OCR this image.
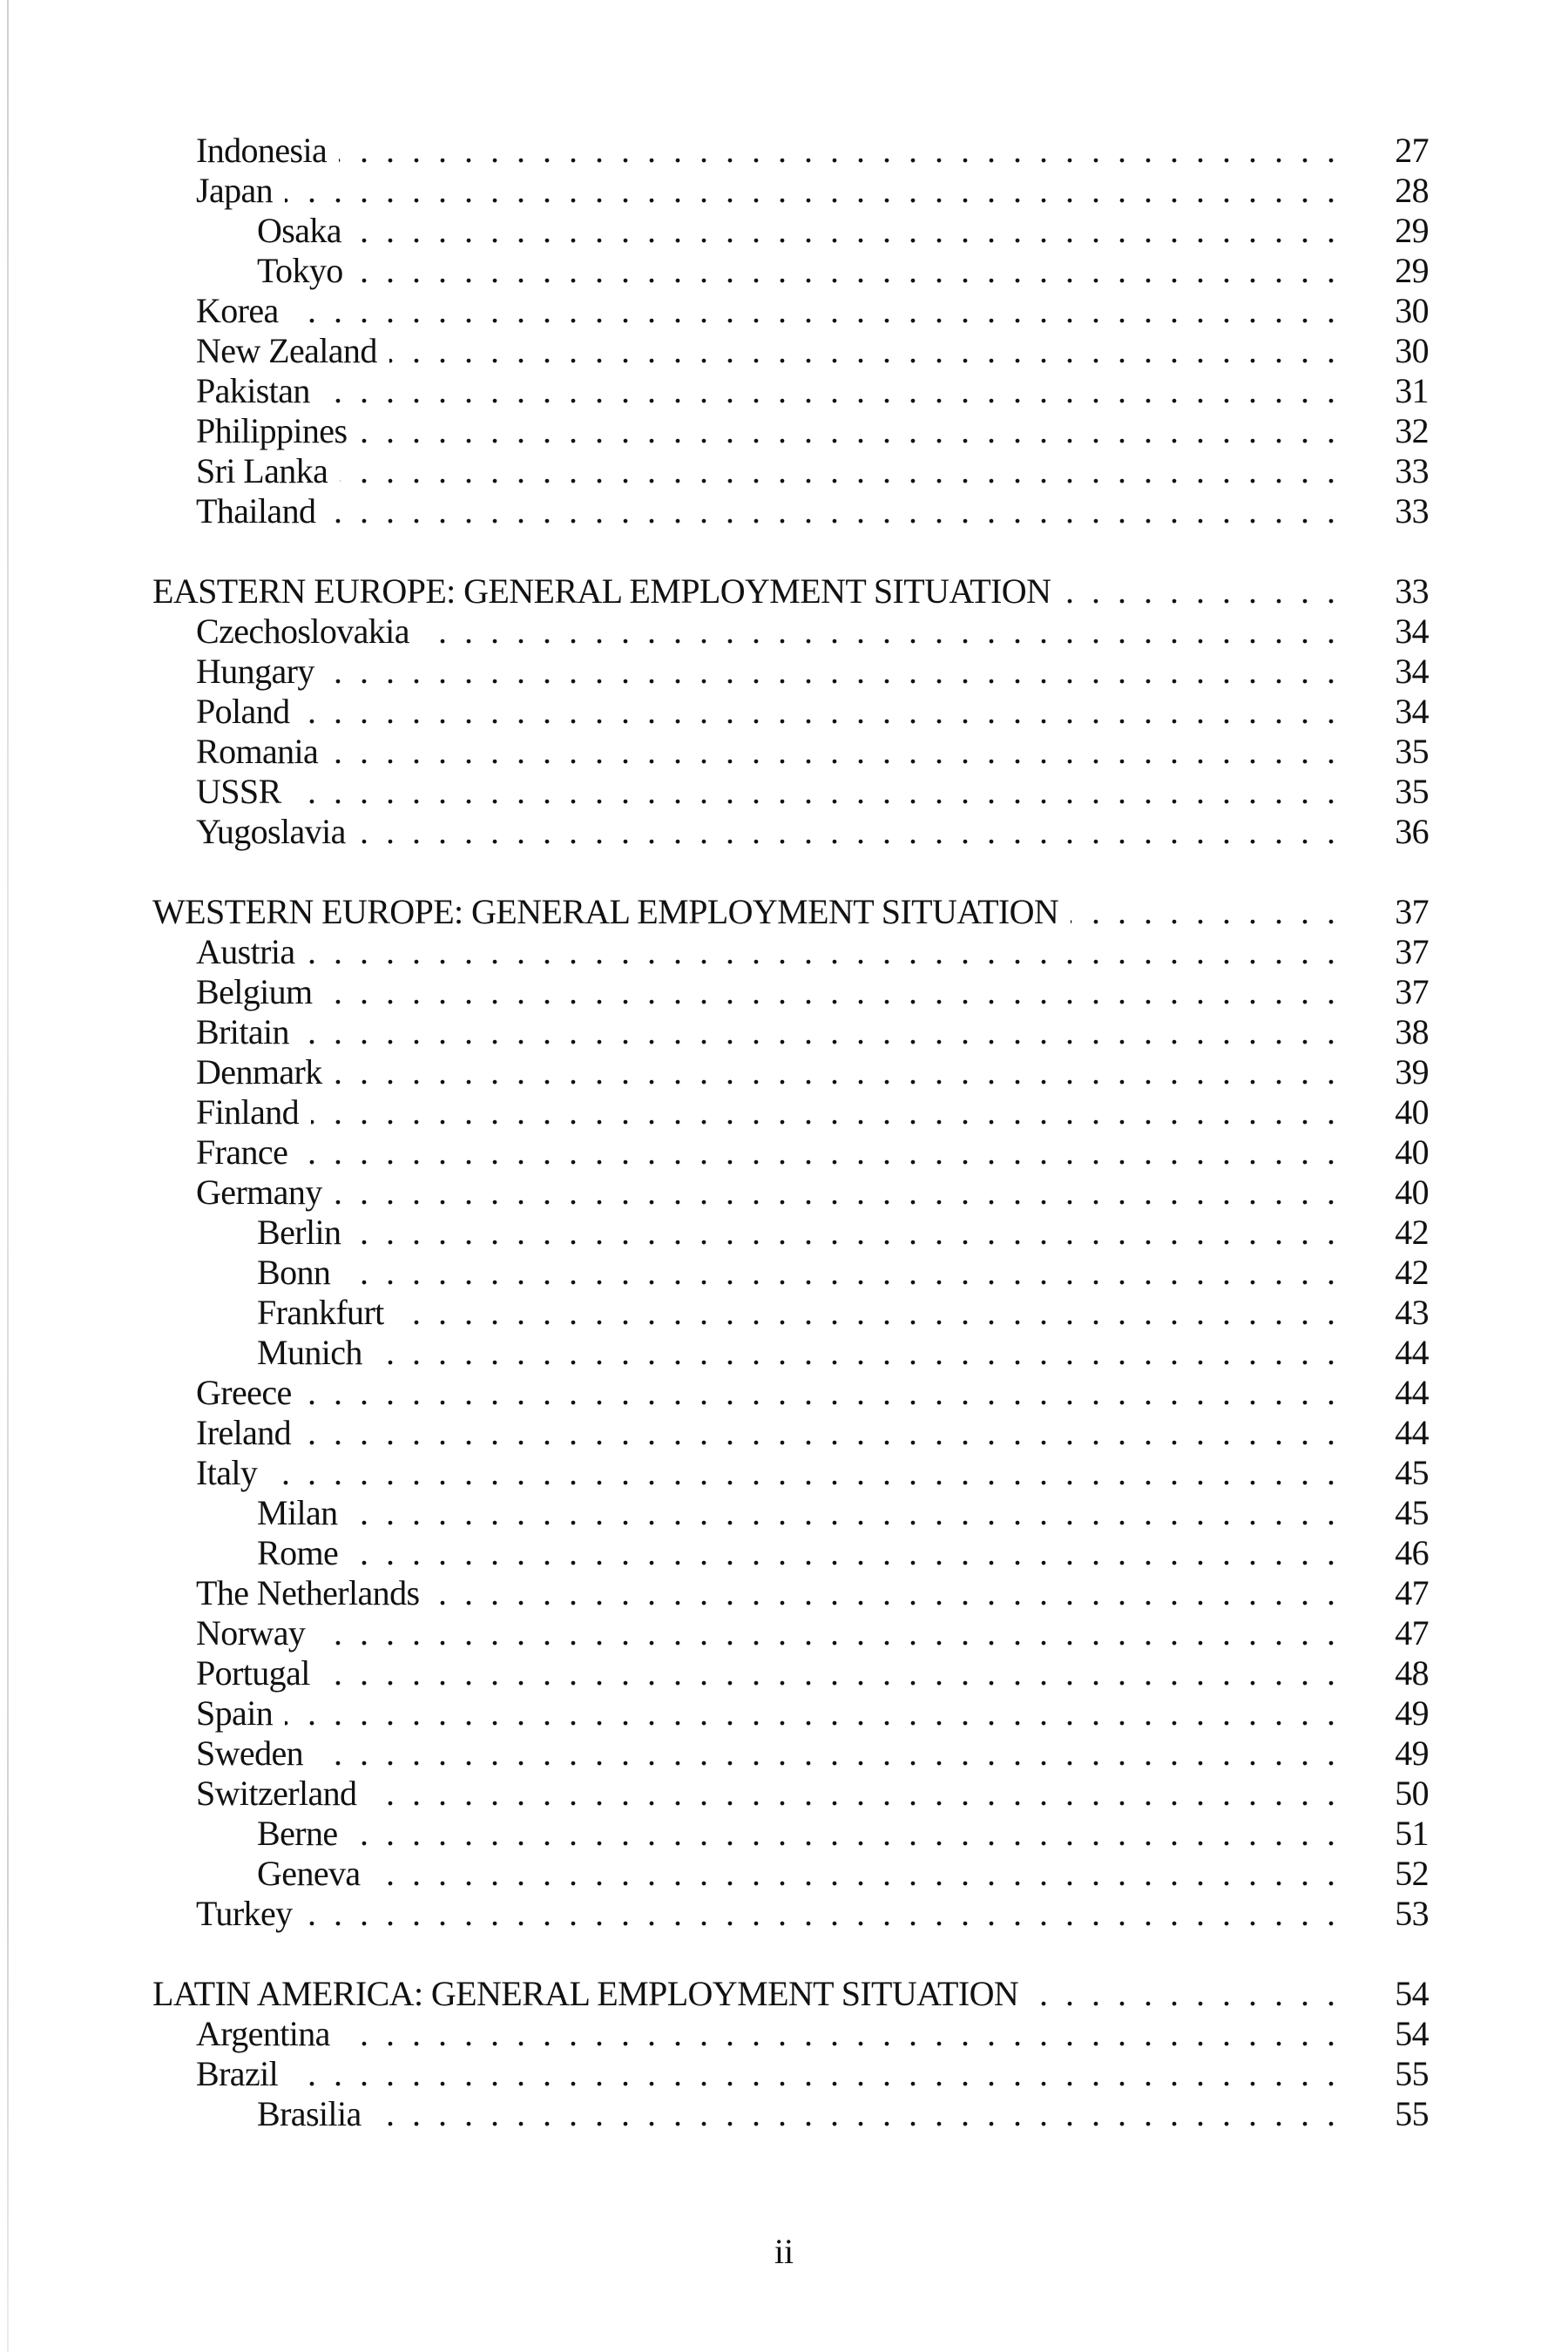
Indonesia . . .	27
Japan . . .	28
Osaka . . .	29
Tokyo . . .	29
Korea . . .	30
New Zealand . . .	30
Pakistan . . .	31
Philippines . . .	32
Sri Lanka . . .	33
Thailand . . .	33
EASTERN EUROPE: GENERAL EMPLOYMENT SITUATION . . .	33
Czechoslovakia . . .	34
Hungary . . .	34
Poland . . .	34
Romania . . .	35
USSR . . .	35
Yugoslavia . . .	36
WESTERN EUROPE: GENERAL EMPLOYMENT SITUATION . . .	37
Austria . . .	37
Belgium . . .	37
Britain . . .	38
Denmark . . .	39
Finland . . .	40
France . . .	40
Germany . . .	40
Berlin . . .	42
Bonn . . .	42
Frankfurt . . .	43
Munich . . .	44
Greece . . .	44
Ireland . . .	44
Italy . . .	45
Milan . . .	45
Rome . . .	46
The Netherlands . . .	47
Norway . . .	47
Portugal . . .	48
Spain . . .	49
Sweden . . .	49
Switzerland . . .	50
Berne . . .	51
Geneva . . .	52
Turkey . . .	53
LATIN AMERICA: GENERAL EMPLOYMENT SITUATION . . .	54
Argentina . . .	54
Brazil . . .	55
Brasilia . . .	55
ii
